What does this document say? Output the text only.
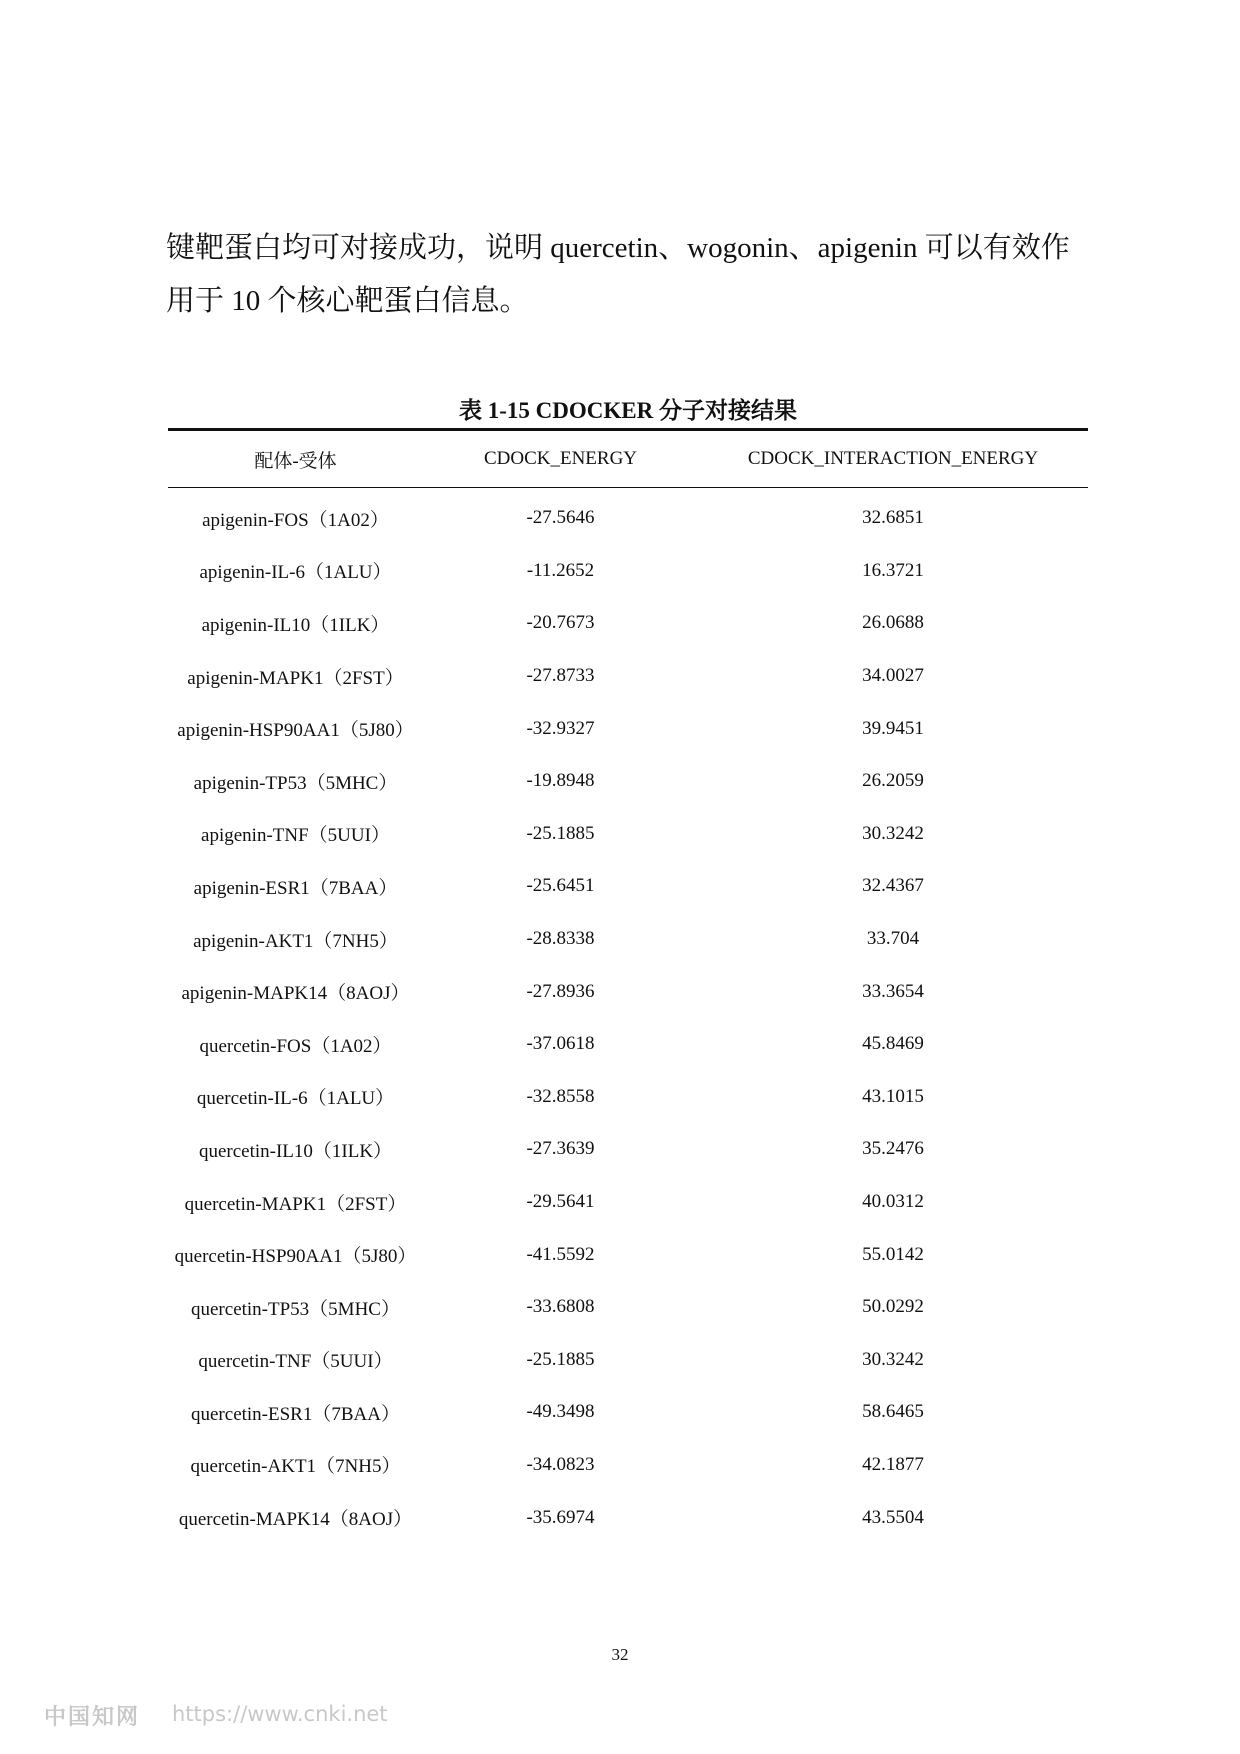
键靶蛋白均可对接成功，说明 quercetin、wogonin、apigenin 可以有效作
用于 10 个核心靶蛋白信息。

表 1-15 CDOCKER 分子对接结果
配体-受体	CDOCK_ENERGY	CDOCK_INTERACTION_ENERGY
apigenin-FOS（1A02）	-27.5646	32.6851
apigenin-IL-6（1ALU）	-11.2652	16.3721
apigenin-IL10（1ILK）	-20.7673	26.0688
apigenin-MAPK1（2FST）	-27.8733	34.0027
apigenin-HSP90AA1（5J80）	-32.9327	39.9451
apigenin-TP53（5MHC）	-19.8948	26.2059
apigenin-TNF（5UUI）	-25.1885	30.3242
apigenin-ESR1（7BAA）	-25.6451	32.4367
apigenin-AKT1（7NH5）	-28.8338	33.704
apigenin-MAPK14（8AOJ）	-27.8936	33.3654
quercetin-FOS（1A02）	-37.0618	45.8469
quercetin-IL-6（1ALU）	-32.8558	43.1015
quercetin-IL10（1ILK）	-27.3639	35.2476
quercetin-MAPK1（2FST）	-29.5641	40.0312
quercetin-HSP90AA1（5J80）	-41.5592	55.0142
quercetin-TP53（5MHC）	-33.6808	50.0292
quercetin-TNF（5UUI）	-25.1885	30.3242
quercetin-ESR1（7BAA）	-49.3498	58.6465
quercetin-AKT1（7NH5）	-34.0823	42.1877
quercetin-MAPK14（8AOJ）	-35.6974	43.5504
32
中国知网 https://www.cnki.net
